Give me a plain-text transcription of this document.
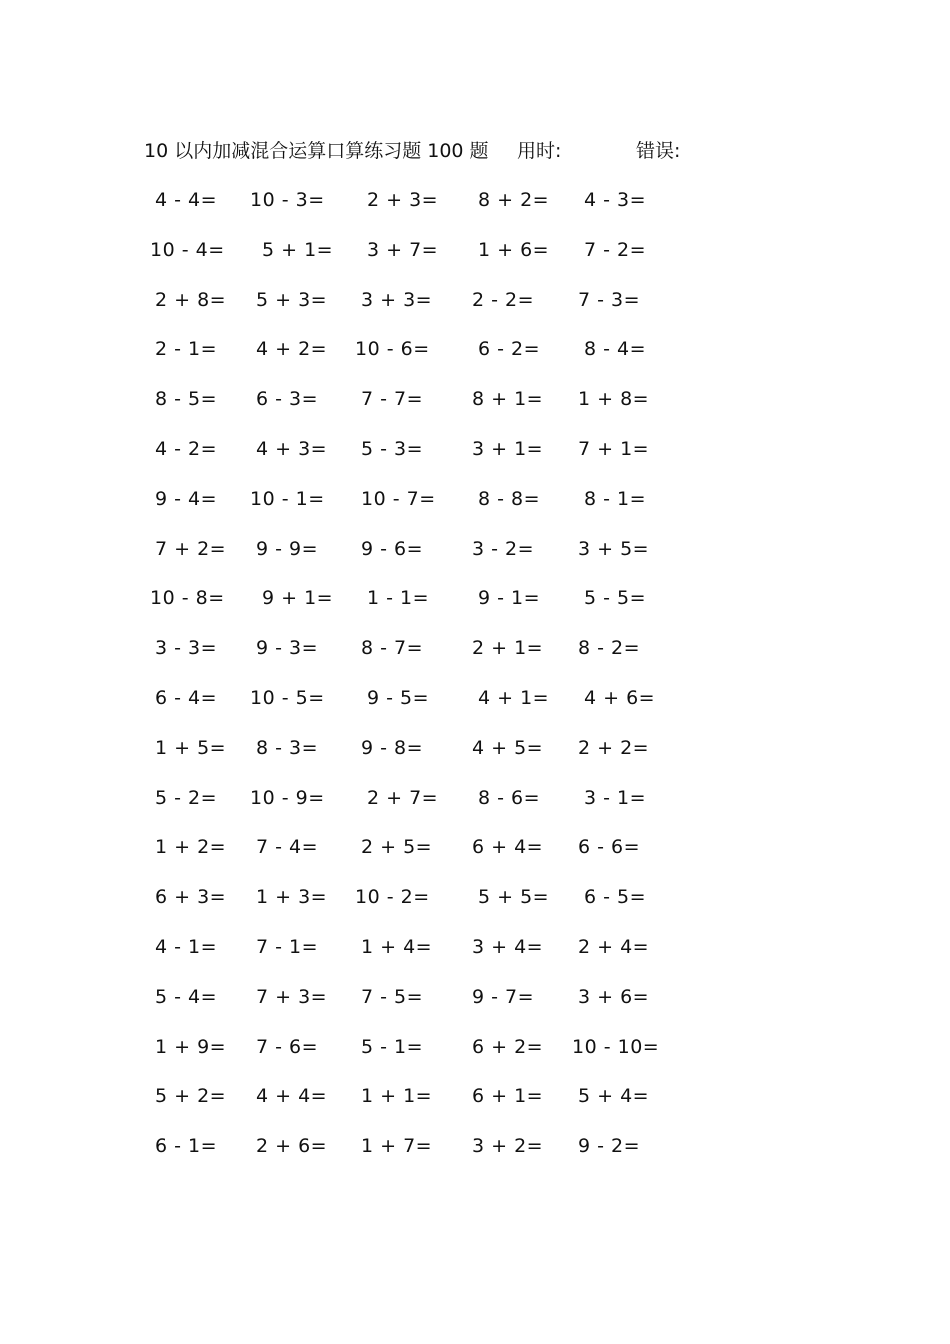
10 以内加减混合运算口算练习题 100 题 用时:	错误:
4 - 4= 10 - 3= 2 + 3= 8 + 2= 4 - 3=
10 - 4= 5 + 1= 3 + 7= 1 + 6= 7 - 2=
2 + 8= 5 + 3= 3 + 3= 2 - 2= 7 - 3=
2 - 1= 4 + 2= 10 - 6=	6 - 2= 8 - 4=
8 - 5= 6 - 3= 7 - 7=	8 + 1= 1 + 8=
4 - 2= 4 + 3= 5 - 3=	3 + 1= 7 + 1=
9 - 4= 10 - 1= 10 - 7= 8 - 8= 8 - 1=
7 + 2= 9 - 9= 9 - 6=	3 - 2= 3 + 5=
10 - 8= 9 + 1= 1 - 1=	9 - 1= 5 - 5=
3 - 3= 9 - 3= 8 - 7=	2 + 1= 8 - 2=
6 - 4= 10 - 5= 9 - 5=	4 + 1= 4 + 6=
1 + 5= 8 - 3= 9 - 8=	4 + 5= 2 + 2=
5 - 2= 10 - 9= 2 + 7= 8 - 6= 3 - 1=
1 + 2= 7 - 4= 2 + 5= 6 + 4= 6 - 6=
6 + 3= 1 + 3= 10 - 2=	5 + 5= 6 - 5=
4 - 1= 7 - 1= 1 + 4= 3 + 4= 2 + 4=
5 - 4= 7 + 3= 7 - 5=	9 - 7= 3 + 6=
1 + 9= 7 - 6= 5 - 1=	6 + 2= 10 - 10=
5 + 2= 4 + 4= 1 + 1= 6 + 1= 5 + 4=
6 - 1= 2 + 6= 1 + 7= 3 + 2= 9 - 2=
